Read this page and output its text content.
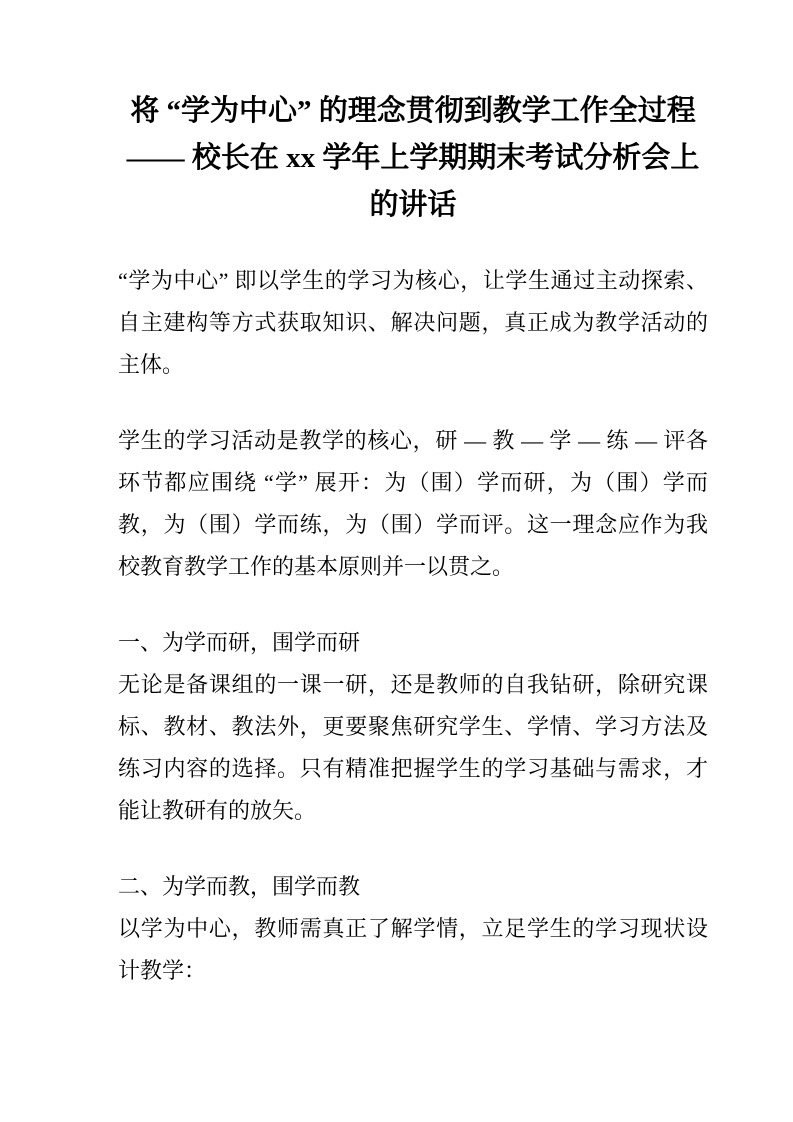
将 “学为中心” 的理念贯彻到教学工作全过程 —— 校长在 xx 学年上学期期末考试分析会上的讲话

“学为中心” 即以学生的学习为核心，让学生通过主动探索、自主建构等方式获取知识、解决问题，真正成为教学活动的主体。

学生的学习活动是教学的核心，研 — 教 — 学 — 练 — 评各环节都应围绕 “学” 展开：为（围）学而研，为（围）学而教，为（围）学而练，为（围）学而评。这一理念应作为我校教育教学工作的基本原则并一以贯之。

一、为学而研，围学而研

无论是备课组的一课一研，还是教师的自我钻研，除研究课标、教材、教法外，更要聚焦研究学生、学情、学习方法及练习内容的选择。只有精准把握学生的学习基础与需求，才能让教研有的放矢。

二、为学而教，围学而教

以学为中心，教师需真正了解学情，立足学生的学习现状设计教学：
